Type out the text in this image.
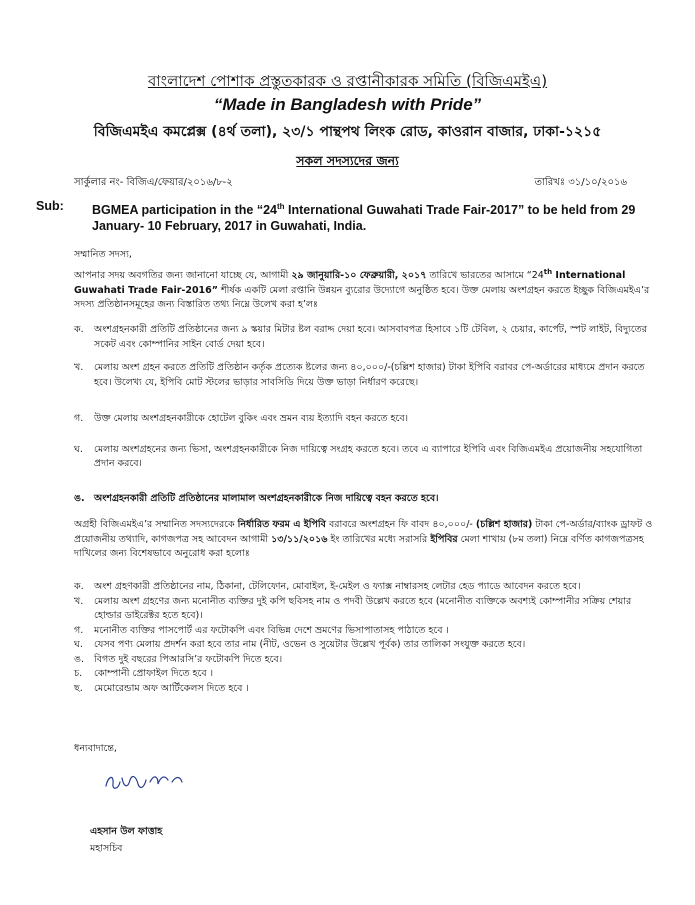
বাংলাদেশ পোশাক প্রস্তুতকারক ও রপ্তানীকারক সমিতি (বিজিএমইএ)
“Made in Bangladesh with Pride”
বিজিএমইএ কমপ্লেক্স (৪র্থ তলা), ২৩/১ পান্থপথ লিংক রোড, কাওরান বাজার, ঢাকা-১২১৫
সকল সদস্যদের জন্য
সার্কুলার নং- বিজিএ/ফেয়ার/২০১৬/৮-২	তারিখঃ ৩১/১০/২০১৬
Sub: BGMEA participation in the “24th International Guwahati Trade Fair-2017” to be held from 29 January- 10 February, 2017 in Guwahati, India.
সম্মানিত সদস্য,
আপনার সদয় অবগতির জন্য জানানো যাচ্ছে যে, আগামী ২৯ জানুয়ারি-১০ ফেব্রুয়ারী, ২০১৭ তারিখে ভারতের আসামে “24th International Guwahati Trade Fair-2016” শীর্ষক একটি মেলা রপ্তানি উন্নয়ন ব্যুরোর উদ্যোগে অনুষ্ঠিত হবে। উক্ত মেলায় অংশগ্রহন করতে ইচ্ছুক বিজিএমইএ’র সদস্য প্রতিষ্ঠানসমূহের জন্য বিস্তারিত তথ্য নিম্নে উলেখ করা হ’লঃ
ক.	অংশগ্রহনকারী প্রতিটি প্রতিষ্ঠানের জন্য ৯ স্কয়ার মিটার ষ্টল বরাদ্দ দেয়া হবে। আসবাবপত্র হিসাবে ১টি টেবিল, ২ চেয়ার, কার্পেট, স্পট লাইট, বিদ্যুতের সকেট এবং কোম্পানির সাইন বোর্ড দেয়া হবে।
খ.	মেলায় অংশ গ্রহন করতে প্রতিটি প্রতিষ্ঠান কর্তৃক প্রত্যেক ষ্টলের জন্য ৪০,০০০/-(চল্লিশ হাজার) টাকা ইপিবি বরাবর পে-অর্ডারের মাধ্যমে প্রদান করতে হবে। উলেখ্য যে, ইপিবি মোট স্টলের ভাড়ার সাবসিডি দিয়ে উক্ত ভাড়া নির্ধারণ করেছে।
গ.	উক্ত মেলায় অংশগ্রহনকারীকে হোটেল বুকিং এবং ভ্রমন ব্যয় ইত্যাদি বহন করতে হবে।
ঘ.	মেলায় অংশগ্রহনের জন্য ভিসা, অংশগ্রহনকারীকে নিজ দায়িত্বে সংগ্রহ করতে হবে। তবে এ ব্যাপারে ইপিবি এবং বিজিএমইএ প্রয়োজনীয় সহযোগিতা প্রদান করবে।
ঙ. অংশগ্রহনকারী প্রতিটি প্রতিষ্ঠানের মালামাল অংশগ্রহনকারীকে নিজ দায়িত্বে বহন করতে হবে।
অগ্রহী বিজিএমইএ’র সম্মানিত সদস্যদেরকে নির্ধারিত ফরম এ ইপিবি বরাবরে অংশগ্রহন ফি বাবদ ৪০,০০০/- (চল্লিশ হাজার) টাকা পে-অর্ডার/ব্যাংক ড্রাফট ও প্রয়োজনীয় তথ্যাদি, কাগজপত্র সহ আবেদন আগামী ১৩/১১/২০১৬ ইং তারিখের মধ্যে সরাসরি ইপিবির মেলা শাখায় (৮ম তলা) নিম্নে বর্ণিত কাগজপত্রসহ দাখিলের জন্য বিশেষভাবে অনুরোধ করা হলোঃ
ক.	অংশ গ্রহণকারী প্রতিষ্ঠানের নাম, ঠিকানা, টেলিফোন, মোবাইল, ই-মেইল ও ফ্যাক্স নাম্বারসহ লেটার হেড প্যাডে আবেদন করতে হবে।
খ.	মেলায় অংশ গ্রহণের জন্য মনোনীত ব্যক্তির দুই কপি ছবিসহ নাম ও পদবী উল্লেখ করতে হবে (মনোনীত ব্যক্তিকে অবশ্যই কোম্পানীর সক্রিয় শেয়ার হোল্ডার ডাইরেক্টর হতে হবে)।
গ.	মনোনীত ব্যক্তির পাসপোর্ট এর ফটোকপি এবং বিভিন্ন দেশে ভ্রমণের ভিসাপাতাসহ পাঠাতে হবে ।
ঘ.	যেসব পণ্য মেলায় প্রদর্শন করা হবে তার নাম (নীট, ওভেন ও সুয়েটার উল্লেখ পূর্বক) তার তালিকা সংযুক্ত করতে হবে।
ঙ.	বিগত দুই বছরের পিআরসি’র ফটোকপি দিতে হবে।
চ.	কোম্পানী প্রোফাইল দিতে হবে ।
ছ.	মেমোরেন্ডাম অফ আর্টিকেলস দিতে হবে ।
ধন্যবাদান্তে,
এহসান উল ফাত্তাহ
মহাসচিব
